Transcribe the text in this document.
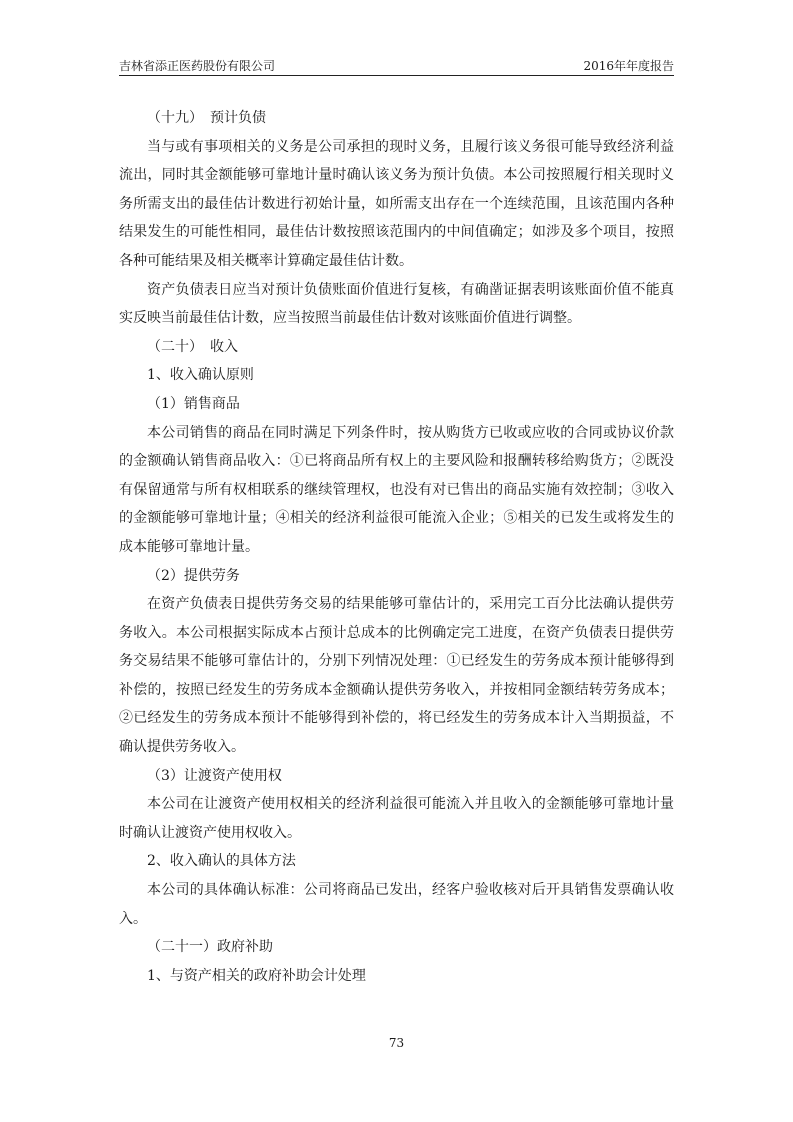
吉林省添正医药股份有限公司	2016年年度报告

（十九）　预计负债

当与或有事项相关的义务是公司承担的现时义务，且履行该义务很可能导致经济利益流出，同时其金额能够可靠地计量时确认该义务为预计负债。本公司按照履行相关现时义务所需支出的最佳估计数进行初始计量，如所需支出存在一个连续范围，且该范围内各种结果发生的可能性相同，最佳估计数按照该范围内的中间值确定；如涉及多个项目，按照各种可能结果及相关概率计算确定最佳估计数。

资产负债表日应当对预计负债账面价值进行复核，有确凿证据表明该账面价值不能真实反映当前最佳估计数，应当按照当前最佳估计数对该账面价值进行调整。

（二十）　收入

1、收入确认原则

（1）销售商品

本公司销售的商品在同时满足下列条件时，按从购货方已收或应收的合同或协议价款的金额确认销售商品收入：①已将商品所有权上的主要风险和报酬转移给购货方；②既没有保留通常与所有权相联系的继续管理权，也没有对已售出的商品实施有效控制；③收入的金额能够可靠地计量；④相关的经济利益很可能流入企业；⑤相关的已发生或将发生的成本能够可靠地计量。

（2）提供劳务

在资产负债表日提供劳务交易的结果能够可靠估计的，采用完工百分比法确认提供劳务收入。本公司根据实际成本占预计总成本的比例确定完工进度，在资产负债表日提供劳务交易结果不能够可靠估计的，分别下列情况处理：①已经发生的劳务成本预计能够得到补偿的，按照已经发生的劳务成本金额确认提供劳务收入，并按相同金额结转劳务成本；②已经发生的劳务成本预计不能够得到补偿的，将已经发生的劳务成本计入当期损益，不确认提供劳务收入。

（3）让渡资产使用权

本公司在让渡资产使用权相关的经济利益很可能流入并且收入的金额能够可靠地计量时确认让渡资产使用权收入。

2、收入确认的具体方法

本公司的具体确认标准：公司将商品已发出，经客户验收核对后开具销售发票确认收入。

（二十一）政府补助

1、与资产相关的政府补助会计处理

73
